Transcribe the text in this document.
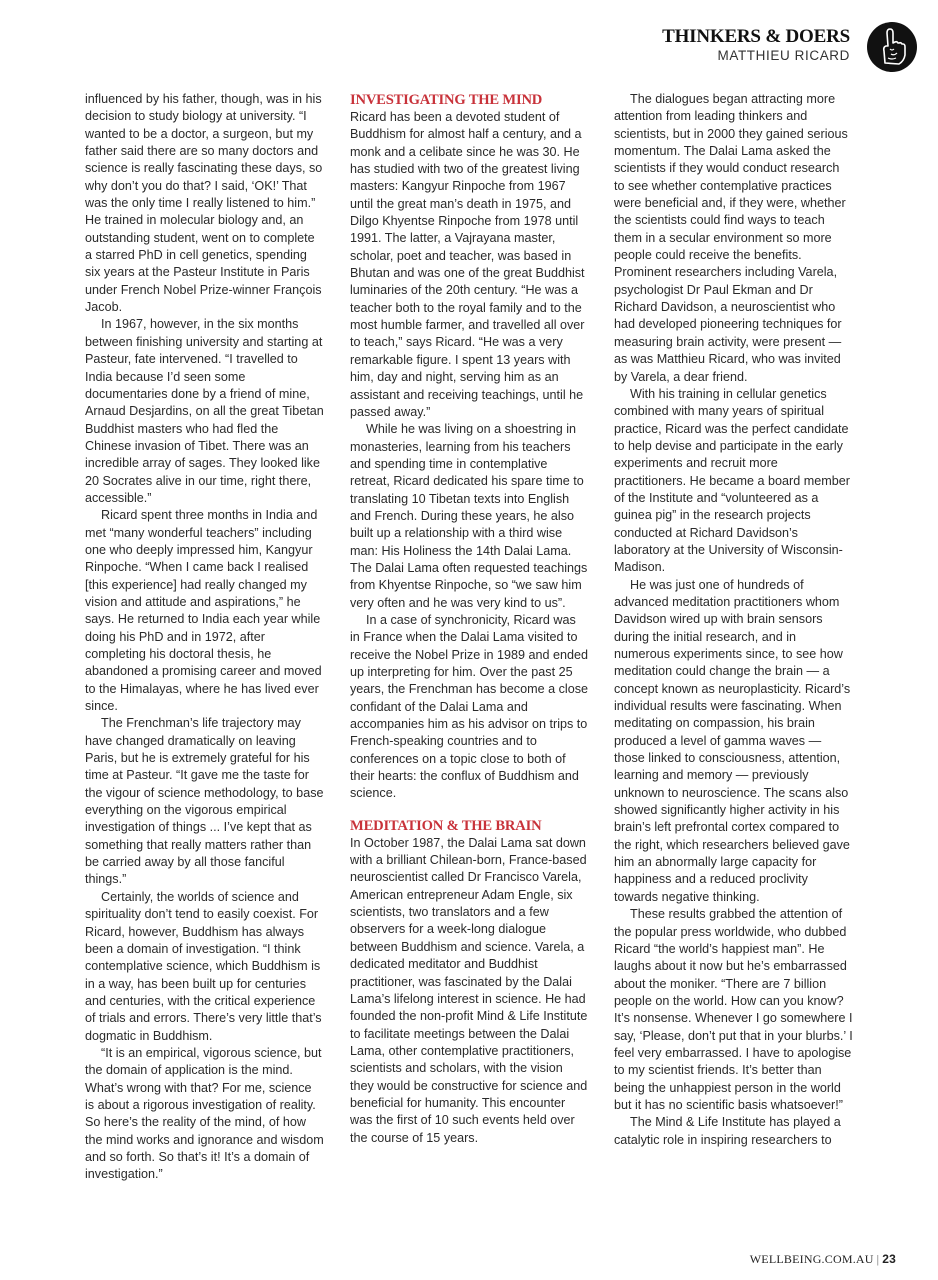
THINKERS & DOERS
MATTHIEU RICARD

influenced by his father, though, was in his decision to study biology at university. “I wanted to be a doctor, a surgeon, but my father said there are so many doctors and science is really fascinating these days, so why don’t you do that? I said, ‘OK!’ That was the only time I really listened to him.” He trained in molecular biology and, an outstanding student, went on to complete a starred PhD in cell genetics, spending six years at the Pasteur Institute in Paris under French Nobel Prize-winner François Jacob.

In 1967, however, in the six months between finishing university and starting at Pasteur, fate intervened. “I travelled to India because I’d seen some documentaries done by a friend of mine, Arnaud Desjardins, on all the great Tibetan Buddhist masters who had fled the Chinese invasion of Tibet. There was an incredible array of sages. They looked like 20 Socrates alive in our time, right there, accessible.”

Ricard spent three months in India and met “many wonderful teachers” including one who deeply impressed him, Kangyur Rinpoche. “When I came back I realised [this experience] had really changed my vision and attitude and aspirations,” he says. He returned to India each year while doing his PhD and in 1972, after completing his doctoral thesis, he abandoned a promising career and moved to the Himalayas, where he has lived ever since.

The Frenchman’s life trajectory may have changed dramatically on leaving Paris, but he is extremely grateful for his time at Pasteur. “It gave me the taste for the vigour of science methodology, to base everything on the vigorous empirical investigation of things ... I’ve kept that as something that really matters rather than be carried away by all those fanciful things.”

Certainly, the worlds of science and spirituality don’t tend to easily coexist. For Ricard, however, Buddhism has always been a domain of investigation. “I think contemplative science, which Buddhism is in a way, has been built up for centuries and centuries, with the critical experience of trials and errors. There’s very little that’s dogmatic in Buddhism.

“It is an empirical, vigorous science, but the domain of application is the mind. What’s wrong with that? For me, science is about a rigorous investigation of reality. So here’s the reality of the mind, of how the mind works and ignorance and wisdom and so forth. So that’s it! It’s a domain of investigation.”

INVESTIGATING THE MIND

Ricard has been a devoted student of Buddhism for almost half a century, and a monk and a celibate since he was 30. He has studied with two of the greatest living masters: Kangyur Rinpoche from 1967 until the great man’s death in 1975, and Dilgo Khyentse Rinpoche from 1978 until 1991. The latter, a Vajrayana master, scholar, poet and teacher, was based in Bhutan and was one of the great Buddhist luminaries of the 20th century. “He was a teacher both to the royal family and to the most humble farmer, and travelled all over to teach,” says Ricard. “He was a very remarkable figure. I spent 13 years with him, day and night, serving him as an assistant and receiving teachings, until he passed away.”

While he was living on a shoestring in monasteries, learning from his teachers and spending time in contemplative retreat, Ricard dedicated his spare time to translating 10 Tibetan texts into English and French. During these years, he also built up a relationship with a third wise man: His Holiness the 14th Dalai Lama. The Dalai Lama often requested teachings from Khyentse Rinpoche, so “we saw him very often and he was very kind to us”.

In a case of synchronicity, Ricard was in France when the Dalai Lama visited to receive the Nobel Prize in 1989 and ended up interpreting for him. Over the past 25 years, the Frenchman has become a close confidant of the Dalai Lama and accompanies him as his advisor on trips to French-speaking countries and to conferences on a topic close to both of their hearts: the conflux of Buddhism and science.

MEDITATION & THE BRAIN

In October 1987, the Dalai Lama sat down with a brilliant Chilean-born, France-based neuroscientist called Dr Francisco Varela, American entrepreneur Adam Engle, six scientists, two translators and a few observers for a week-long dialogue between Buddhism and science. Varela, a dedicated meditator and Buddhist practitioner, was fascinated by the Dalai Lama’s lifelong interest in science. He had founded the non-profit Mind & Life Institute to facilitate meetings between the Dalai Lama, other contemplative practitioners, scientists and scholars, with the vision they would be constructive for science and beneficial for humanity. This encounter was the first of 10 such events held over the course of 15 years.

The dialogues began attracting more attention from leading thinkers and scientists, but in 2000 they gained serious momentum. The Dalai Lama asked the scientists if they would conduct research to see whether contemplative practices were beneficial and, if they were, whether the scientists could find ways to teach them in a secular environment so more people could receive the benefits. Prominent researchers including Varela, psychologist Dr Paul Ekman and Dr Richard Davidson, a neuroscientist who had developed pioneering techniques for measuring brain activity, were present — as was Matthieu Ricard, who was invited by Varela, a dear friend.

With his training in cellular genetics combined with many years of spiritual practice, Ricard was the perfect candidate to help devise and participate in the early experiments and recruit more practitioners. He became a board member of the Institute and “volunteered as a guinea pig” in the research projects conducted at Richard Davidson’s laboratory at the University of Wisconsin-Madison.

He was just one of hundreds of advanced meditation practitioners whom Davidson wired up with brain sensors during the initial research, and in numerous experiments since, to see how meditation could change the brain — a concept known as neuroplasticity. Ricard’s individual results were fascinating. When meditating on compassion, his brain produced a level of gamma waves — those linked to consciousness, attention, learning and memory — previously unknown to neuroscience. The scans also showed significantly higher activity in his brain’s left prefrontal cortex compared to the right, which researchers believed gave him an abnormally large capacity for happiness and a reduced proclivity towards negative thinking.

These results grabbed the attention of the popular press worldwide, who dubbed Ricard “the world’s happiest man”. He laughs about it now but he’s embarrassed about the moniker. “There are 7 billion people on the world. How can you know? It’s nonsense. Whenever I go somewhere I say, ‘Please, don’t put that in your blurbs.’ I feel very embarrassed. I have to apologise to my scientist friends. It’s better than being the unhappiest person in the world but it has no scientific basis whatsoever!”

The Mind & Life Institute has played a catalytic role in inspiring researchers to

WELLBEING.COM.AU | 23
